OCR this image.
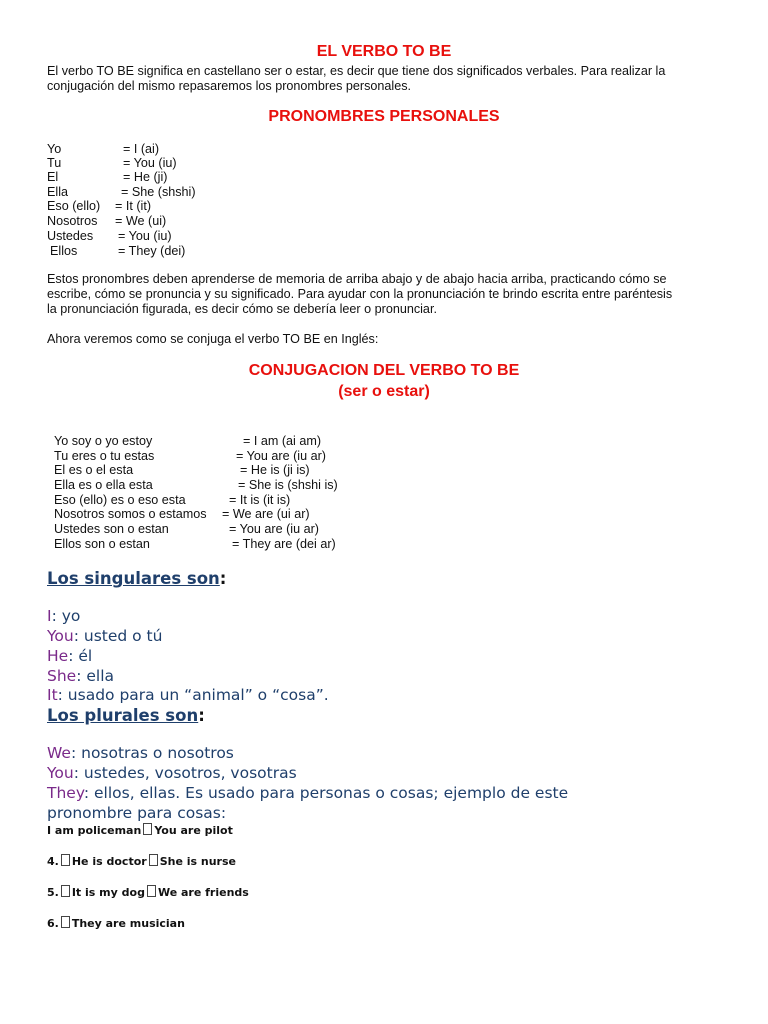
EL VERBO TO BE
El verbo TO BE significa en castellano ser o estar, es decir que tiene dos significados verbales. Para realizar la
conjugación del mismo repasaremos los pronombres personales.
PRONOMBRES PERSONALES
Yo	= I (ai)
Tu	= You (iu)
El	= He (ji)
Ella	= She (shshi)
Eso (ello) = It (it)
Nosotros = We (ui)
Ustedes = You (iu)
Ellos	= They (dei)
Estos pronombres deben aprenderse de memoria de arriba abajo y de abajo hacia arriba, practicando cómo se
escribe, cómo se pronuncia y su significado. Para ayudar con la pronunciación te brindo escrita entre paréntesis
la pronunciación figurada, es decir cómo se debería leer o pronunciar.
Ahora veremos como se conjuga el verbo TO BE en Inglés:
CONJUGACION DEL VERBO TO BE
(ser o estar)
Yo soy o yo estoy	= I am (ai am)
Tu eres o tu estas	= You are (iu ar)
El es o el esta	= He is (ji is)
Ella es o ella esta	= She is (shshi is)
Eso (ello) es o eso esta	= It is (it is)
Nosotros somos o estamos = We are (ui ar)
Ustedes son o estan	= You are (iu ar)
Ellos son o estan	= They are (dei ar)
Los singulares son:
I: yo
You: usted o tú
He: él
She: ella
It: usado para un “animal” o “cosa”.
Los plurales son:
We: nosotras o nosotros
You: ustedes, vosotros, vosotras
They: ellos, ellas. Es usado para personas o cosas; ejemplo de este
pronombre para cosas:
I am policeman You are pilot
4. He is doctor She is nurse
5. It is my dog We are friends
6. They are musician
